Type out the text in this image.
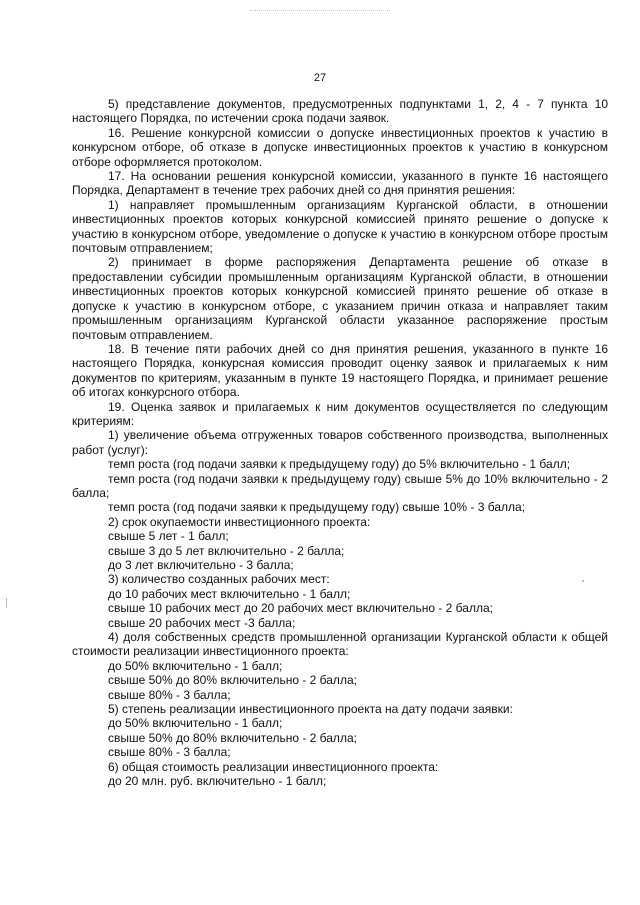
27

5) представление документов, предусмотренных подпунктами 1, 2, 4 - 7 пункта 10 настоящего Порядка, по истечении срока подачи заявок.

16. Решение конкурсной комиссии о допуске инвестиционных проектов к участию в конкурсном отборе, об отказе в допуске инвестиционных проектов к участию в конкурсном отборе оформляется протоколом.

17. На основании решения конкурсной комиссии, указанного в пункте 16 настоящего Порядка, Департамент в течение трех рабочих дней со дня принятия решения:

1) направляет промышленным организациям Курганской области, в отношении инвестиционных проектов которых конкурсной комиссией принято решение о допуске к участию в конкурсном отборе, уведомление о допуске к участию в конкурсном отборе простым почтовым отправлением;

2) принимает в форме распоряжения Департамента решение об отказе в предоставлении субсидии промышленным организациям Курганской области, в отношении инвестиционных проектов которых конкурсной комиссией принято решение об отказе в допуске к участию в конкурсном отборе, с указанием причин отказа и направляет таким промышленным организациям Курганской области указанное распоряжение простым почтовым отправлением.

18. В течение пяти рабочих дней со дня принятия решения, указанного в пункте 16 настоящего Порядка, конкурсная комиссия проводит оценку заявок и прилагаемых к ним документов по критериям, указанным в пункте 19 настоящего Порядка, и принимает решение об итогах конкурсного отбора.

19. Оценка заявок и прилагаемых к ним документов осуществляется по следующим критериям:

1) увеличение объема отгруженных товаров собственного производства, выполненных работ (услуг):

темп роста (год подачи заявки к предыдущему году) до 5% включительно - 1 балл;

темп роста (год подачи заявки к предыдущему году) свыше 5% до 10% включительно - 2 балла;

темп роста (год подачи заявки к предыдущему году) свыше 10% - 3 балла;

2) срок окупаемости инвестиционного проекта:

свыше 5 лет - 1 балл;

свыше 3 до 5 лет включительно - 2 балла;

до 3 лет включительно - 3 балла;

3) количество созданных рабочих мест:

до 10 рабочих мест включительно - 1 балл;

свыше 10 рабочих мест до 20 рабочих мест включительно - 2 балла;

свыше 20 рабочих мест -3 балла;

4) доля собственных средств промышленной организации Курганской области к общей стоимости реализации инвестиционного проекта:

до 50% включительно - 1 балл;

свыше 50% до 80% включительно - 2 балла;

свыше 80% - 3 балла;

5) степень реализации инвестиционного проекта на дату подачи заявки:

до 50% включительно - 1 балл;

свыше 50% до 80% включительно - 2 балла;

свыше 80% - 3 балла;

6) общая стоимость реализации инвестиционного проекта:

до 20 млн. руб. включительно - 1 балл;
